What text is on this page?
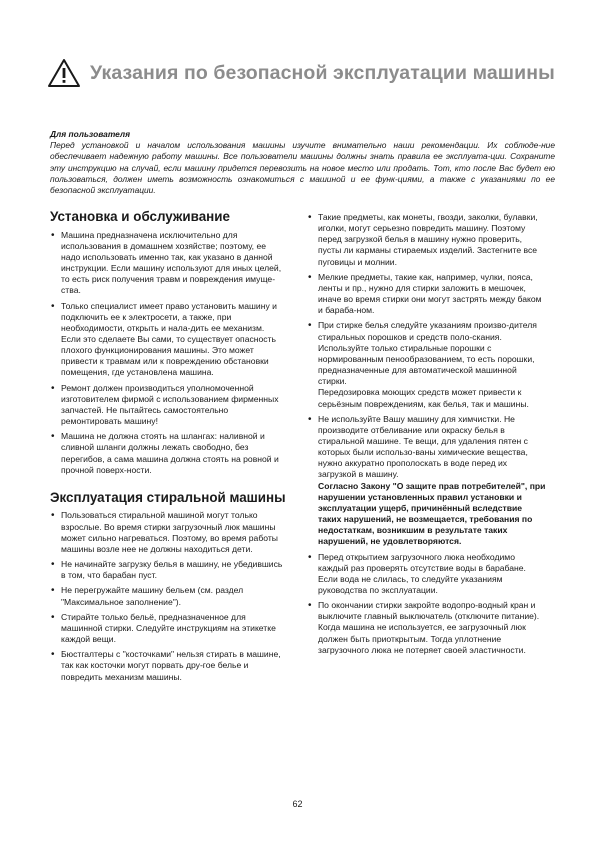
Указания по безопасной эксплуатации машины
Для пользователя
Перед установкой и началом использования машины изучите внимательно наши рекомендации. Их соблюде-ние обеспечивает надежную работу машины. Все пользователи машины должны знать правила ее эксплуата-ции. Сохраните эту инструкцию на случай, если машину придется перевозить на новое место или продать. Тот, кто после Вас будет ею пользоваться, должен иметь возможность ознакомиться с машиной и ее функ-циями, а также с указаниями по ее безопасной эксплуатации.
Установка и обслуживание
• Машина предназначена исключительно для использования в домашнем хозяйстве; поэтому, ее надо использовать именно так, как указано в данной инструкции. Если машину используют для иных целей, то есть риск получения травм и повреждения имуще-ства.
• Только специалист имеет право установить машину и подключить ее к электросети, а также, при необходимости, открыть и нала-дить ее механизм.
Если это сделаете Вы сами, то существует опасность плохого функционирования машины. Это может привести к травмам или к повреждению обстановки помещения, где установлена машина.
• Ремонт должен производиться уполномоченной изготовителем фирмой с использованием фирменных запчастей. Не пытайтесь самостоятельно ремонтировать машину!
• Машина не должна стоять на шлангах: наливной и сливной шланги должны лежать свободно, без перегибов, а сама машина должна стоять на ровной и прочной поверх-ности.
Эксплуатация стиральной машины
• Пользоваться стиральной машиной могут только взрослые. Во время стирки загрузочный люк машины может сильно нагреваться. Поэтому, во время работы машины возле нее не должны находиться дети.
• Не начинайте загрузку белья в машину, не убедившись в том, что барабан пуст.
• Не перегружайте машину бельем (см. раздел "Максимальное заполнение").
• Стирайте только бельё, предназначенное для машинной стирки. Следуйте инструкциям на этикетке каждой вещи.
• Бюстгалтеры с "косточками" нельзя стирать в машине, так как косточки могут порвать дру-гое белье и повредить механизм машины.
• Такие предметы, как монеты, гвозди, заколки, булавки, иголки, могут серьезно повредить машину. Поэтому перед загрузкой белья в машину нужно проверить, пусты ли карманы стираемых изделий. Застегните все пуговицы и молнии.
• Мелкие предметы, такие как, например, чулки, пояса, ленты и пр., нужно для стирки заложить в мешочек, иначе во время стирки они могут застрять между баком и бараба-ном.
• При стирке белья следуйте указаниям произво-дителя стиральных порошков и средств поло-скания. Используйте только стиральные порошки с нормированным пенообразованием, то есть порошки, предназначенные для автоматической машинной стирки.
Передозировка моющих средств может привести к серьёзным повреждениям, как белья, так и машины.
• Не используйте Вашу машину для химчистки. Не производите отбеливание или окраску белья в стиральной машине. Те вещи, для удаления пятен с которых были использо-ваны химические вещества, нужно аккуратно прополоскать в воде перед их загрузкой в машину.
Согласно Закону "О защите прав потребителей", при нарушении установленных правил установки и эксплуатации ущерб, причинённый вследствие таких нарушений, не возмещается, требования по недостаткам, возникшим в результате таких нарушений, не удовлетворяются.
• Перед открытием загрузочного люка необходимо каждый раз проверять отсутствие воды в барабане. Если вода не слилась, то следуйте указаниям руководства по эксплуатации.
• По окончании стирки закройте водопро-водный кран и выключите главный выключатель (отключите питание). Когда машина не используется, ее загрузочный люк должен быть приоткрытым. Тогда уплотнение загрузочного люка не потеряет своей эластичности.
62
